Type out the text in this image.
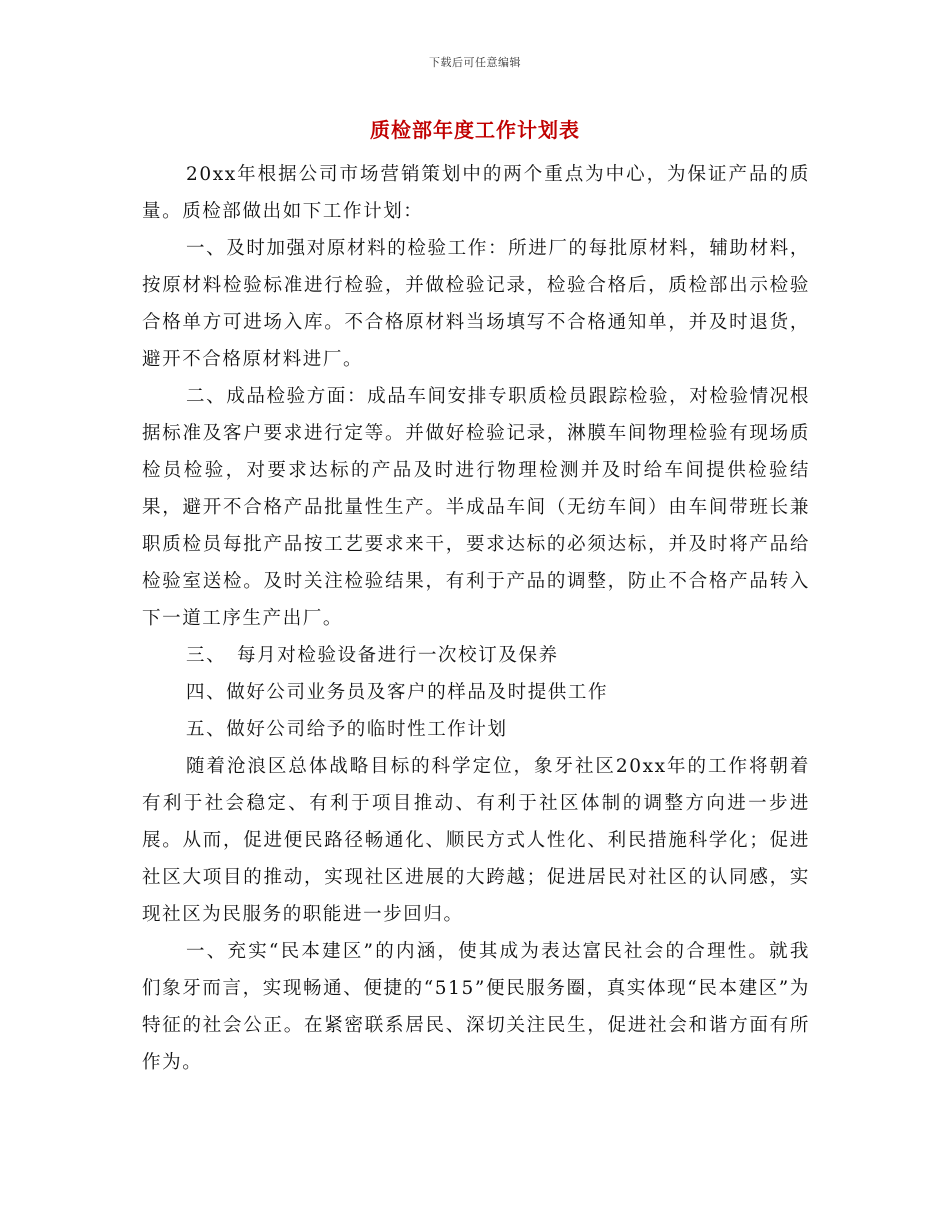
下载后可任意编辑
质检部年度工作计划表

20xx年根据公司市场营销策划中的两个重点为中心，为保证产品的质量。质检部做出如下工作计划：

一、及时加强对原材料的检验工作：所进厂的每批原材料，辅助材料，按原材料检验标准进行检验，并做检验记录，检验合格后，质检部出示检验合格单方可进场入库。不合格原材料当场填写不合格通知单，并及时退货，避开不合格原材料进厂。

二、成品检验方面：成品车间安排专职质检员跟踪检验，对检验情况根据标准及客户要求进行定等。并做好检验记录，淋膜车间物理检验有现场质检员检验，对要求达标的产品及时进行物理检测并及时给车间提供检验结果，避开不合格产品批量性生产。半成品车间（无纺车间）由车间带班长兼职质检员每批产品按工艺要求来干，要求达标的必须达标，并及时将产品给检验室送检。及时关注检验结果，有利于产品的调整，防止不合格产品转入下一道工序生产出厂。

三、　每月对检验设备进行一次校订及保养

四、做好公司业务员及客户的样品及时提供工作

五、做好公司给予的临时性工作计划

随着沧浪区总体战略目标的科学定位，象牙社区20xx年的工作将朝着有利于社会稳定、有利于项目推动、有利于社区体制的调整方向进一步进展。从而，促进便民路径畅通化、顺民方式人性化、利民措施科学化；促进社区大项目的推动，实现社区进展的大跨越；促进居民对社区的认同感，实现社区为民服务的职能进一步回归。

一、充实“民本建区”的内涵，使其成为表达富民社会的合理性。就我们象牙而言，实现畅通、便捷的“515”便民服务圈，真实体现“民本建区”为特征的社会公正。在紧密联系居民、深切关注民生，促进社会和谐方面有所作为。
